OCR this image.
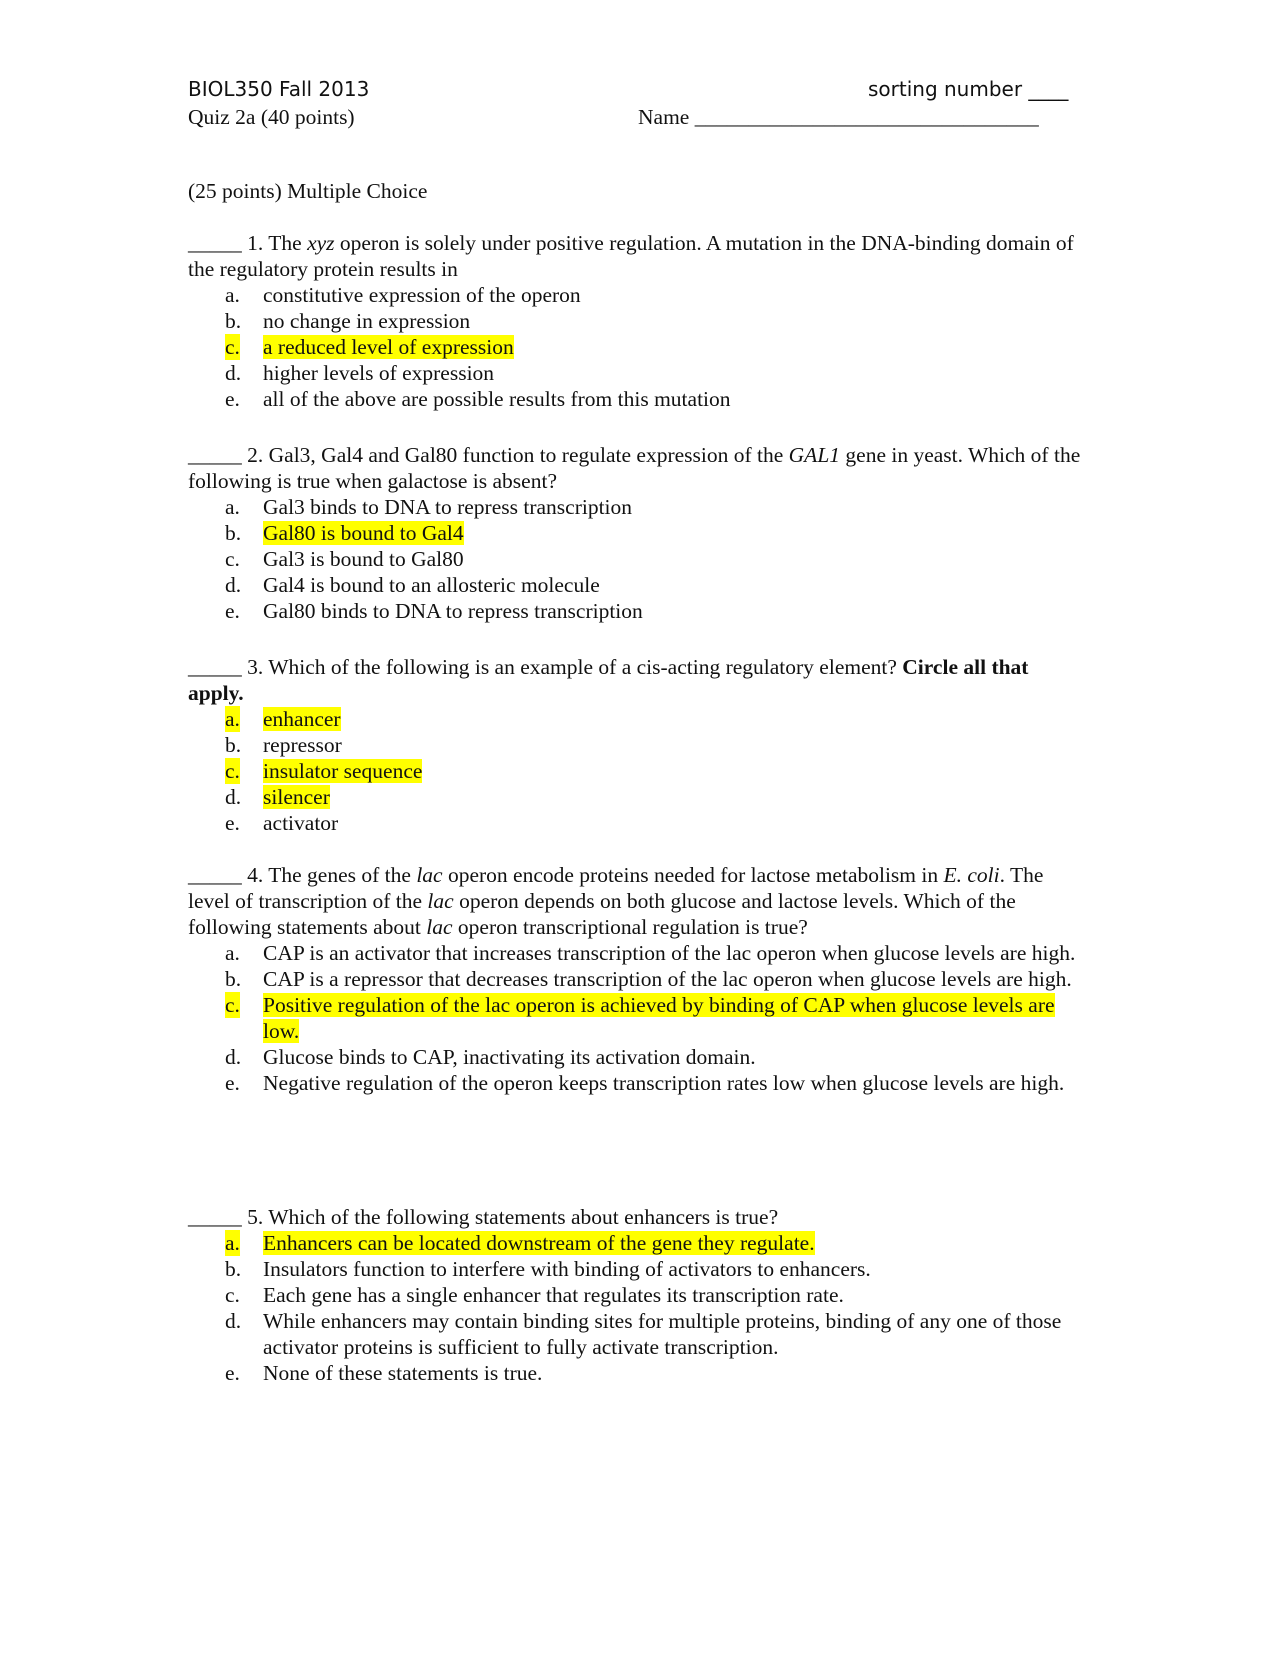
BIOL350 Fall 2013	sorting number ____
Quiz 2a (40 points)	Name ________________________________
(25 points) Multiple Choice

_____ 1. The xyz operon is solely under positive regulation. A mutation in the DNA-binding domain of the regulatory protein results in

a. constitutive expression of the operon
b. no change in expression
c. a reduced level of expression
d. higher levels of expression
e. all of the above are possible results from this mutation

_____ 2. Gal3, Gal4 and Gal80 function to regulate expression of the GAL1 gene in yeast. Which of the following is true when galactose is absent?

a. Gal3 binds to DNA to repress transcription
b. Gal80 is bound to Gal4
c. Gal3 is bound to Gal80
d. Gal4 is bound to an allosteric molecule
e. Gal80 binds to DNA to repress transcription

_____ 3. Which of the following is an example of a cis-acting regulatory element? Circle all that apply.

a. enhancer
b. repressor
c. insulator sequence
d. silencer
e. activator

_____ 4. The genes of the lac operon encode proteins needed for lactose metabolism in E. coli. The level of transcription of the lac operon depends on both glucose and lactose levels. Which of the following statements about lac operon transcriptional regulation is true?

a. CAP is an activator that increases transcription of the lac operon when glucose levels are high.
b. CAP is a repressor that decreases transcription of the lac operon when glucose levels are high.
c. Positive regulation of the lac operon is achieved by binding of CAP when glucose levels are low.
d. Glucose binds to CAP, inactivating its activation domain.
e. Negative regulation of the operon keeps transcription rates low when glucose levels are high.

_____ 5. Which of the following statements about enhancers is true?

a. Enhancers can be located downstream of the gene they regulate.
b. Insulators function to interfere with binding of activators to enhancers.
c. Each gene has a single enhancer that regulates its transcription rate.
d. While enhancers may contain binding sites for multiple proteins, binding of any one of those activator proteins is sufficient to fully activate transcription.
e. None of these statements is true.
